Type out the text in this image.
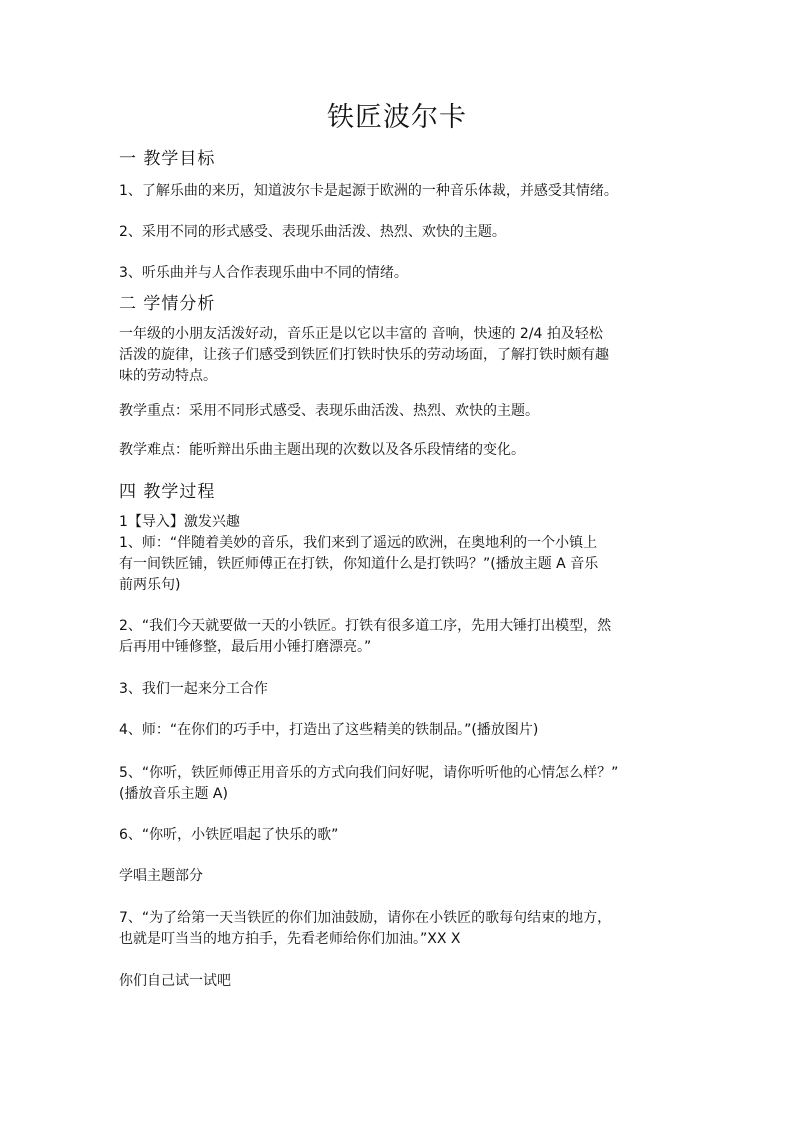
铁匠波尔卡
一 教学目标
1、了解乐曲的来历，知道波尔卡是起源于欧洲的一种音乐体裁，并感受其情绪。
2、采用不同的形式感受、表现乐曲活泼、热烈、欢快的主题。
3、听乐曲并与人合作表现乐曲中不同的情绪。
二 学情分析
一年级的小朋友活泼好动，音乐正是以它以丰富的 音响，快速的 2/4 拍及轻松
活泼的旋律，让孩子们感受到铁匠们打铁时快乐的劳动场面，了解打铁时颇有趣
味的劳动特点。
教学重点：采用不同形式感受、表现乐曲活泼、热烈、欢快的主题。
教学难点：能听辩出乐曲主题出现的次数以及各乐段情绪的变化。
四 教学过程
1【导入】激发兴趣
1、师：“伴随着美妙的音乐，我们来到了遥远的欧洲，在奥地利的一个小镇上
有一间铁匠铺，铁匠师傅正在打铁，你知道什么是打铁吗？”(播放主题 A 音乐
前两乐句)
2、“我们今天就要做一天的小铁匠。打铁有很多道工序，先用大锤打出模型，然
后再用中锤修整，最后用小锤打磨漂亮。”
3、我们一起来分工合作
4、师：“在你们的巧手中，打造出了这些精美的铁制品。”(播放图片)
5、“你听，铁匠师傅正用音乐的方式向我们问好呢，请你听听他的心情怎么样？”
(播放音乐主题 A)
6、“你听，小铁匠唱起了快乐的歌”
学唱主题部分
7、“为了给第一天当铁匠的你们加油鼓励，请你在小铁匠的歌每句结束的地方，
也就是叮当当的地方拍手，先看老师给你们加油。”XX X
你们自己试一试吧
